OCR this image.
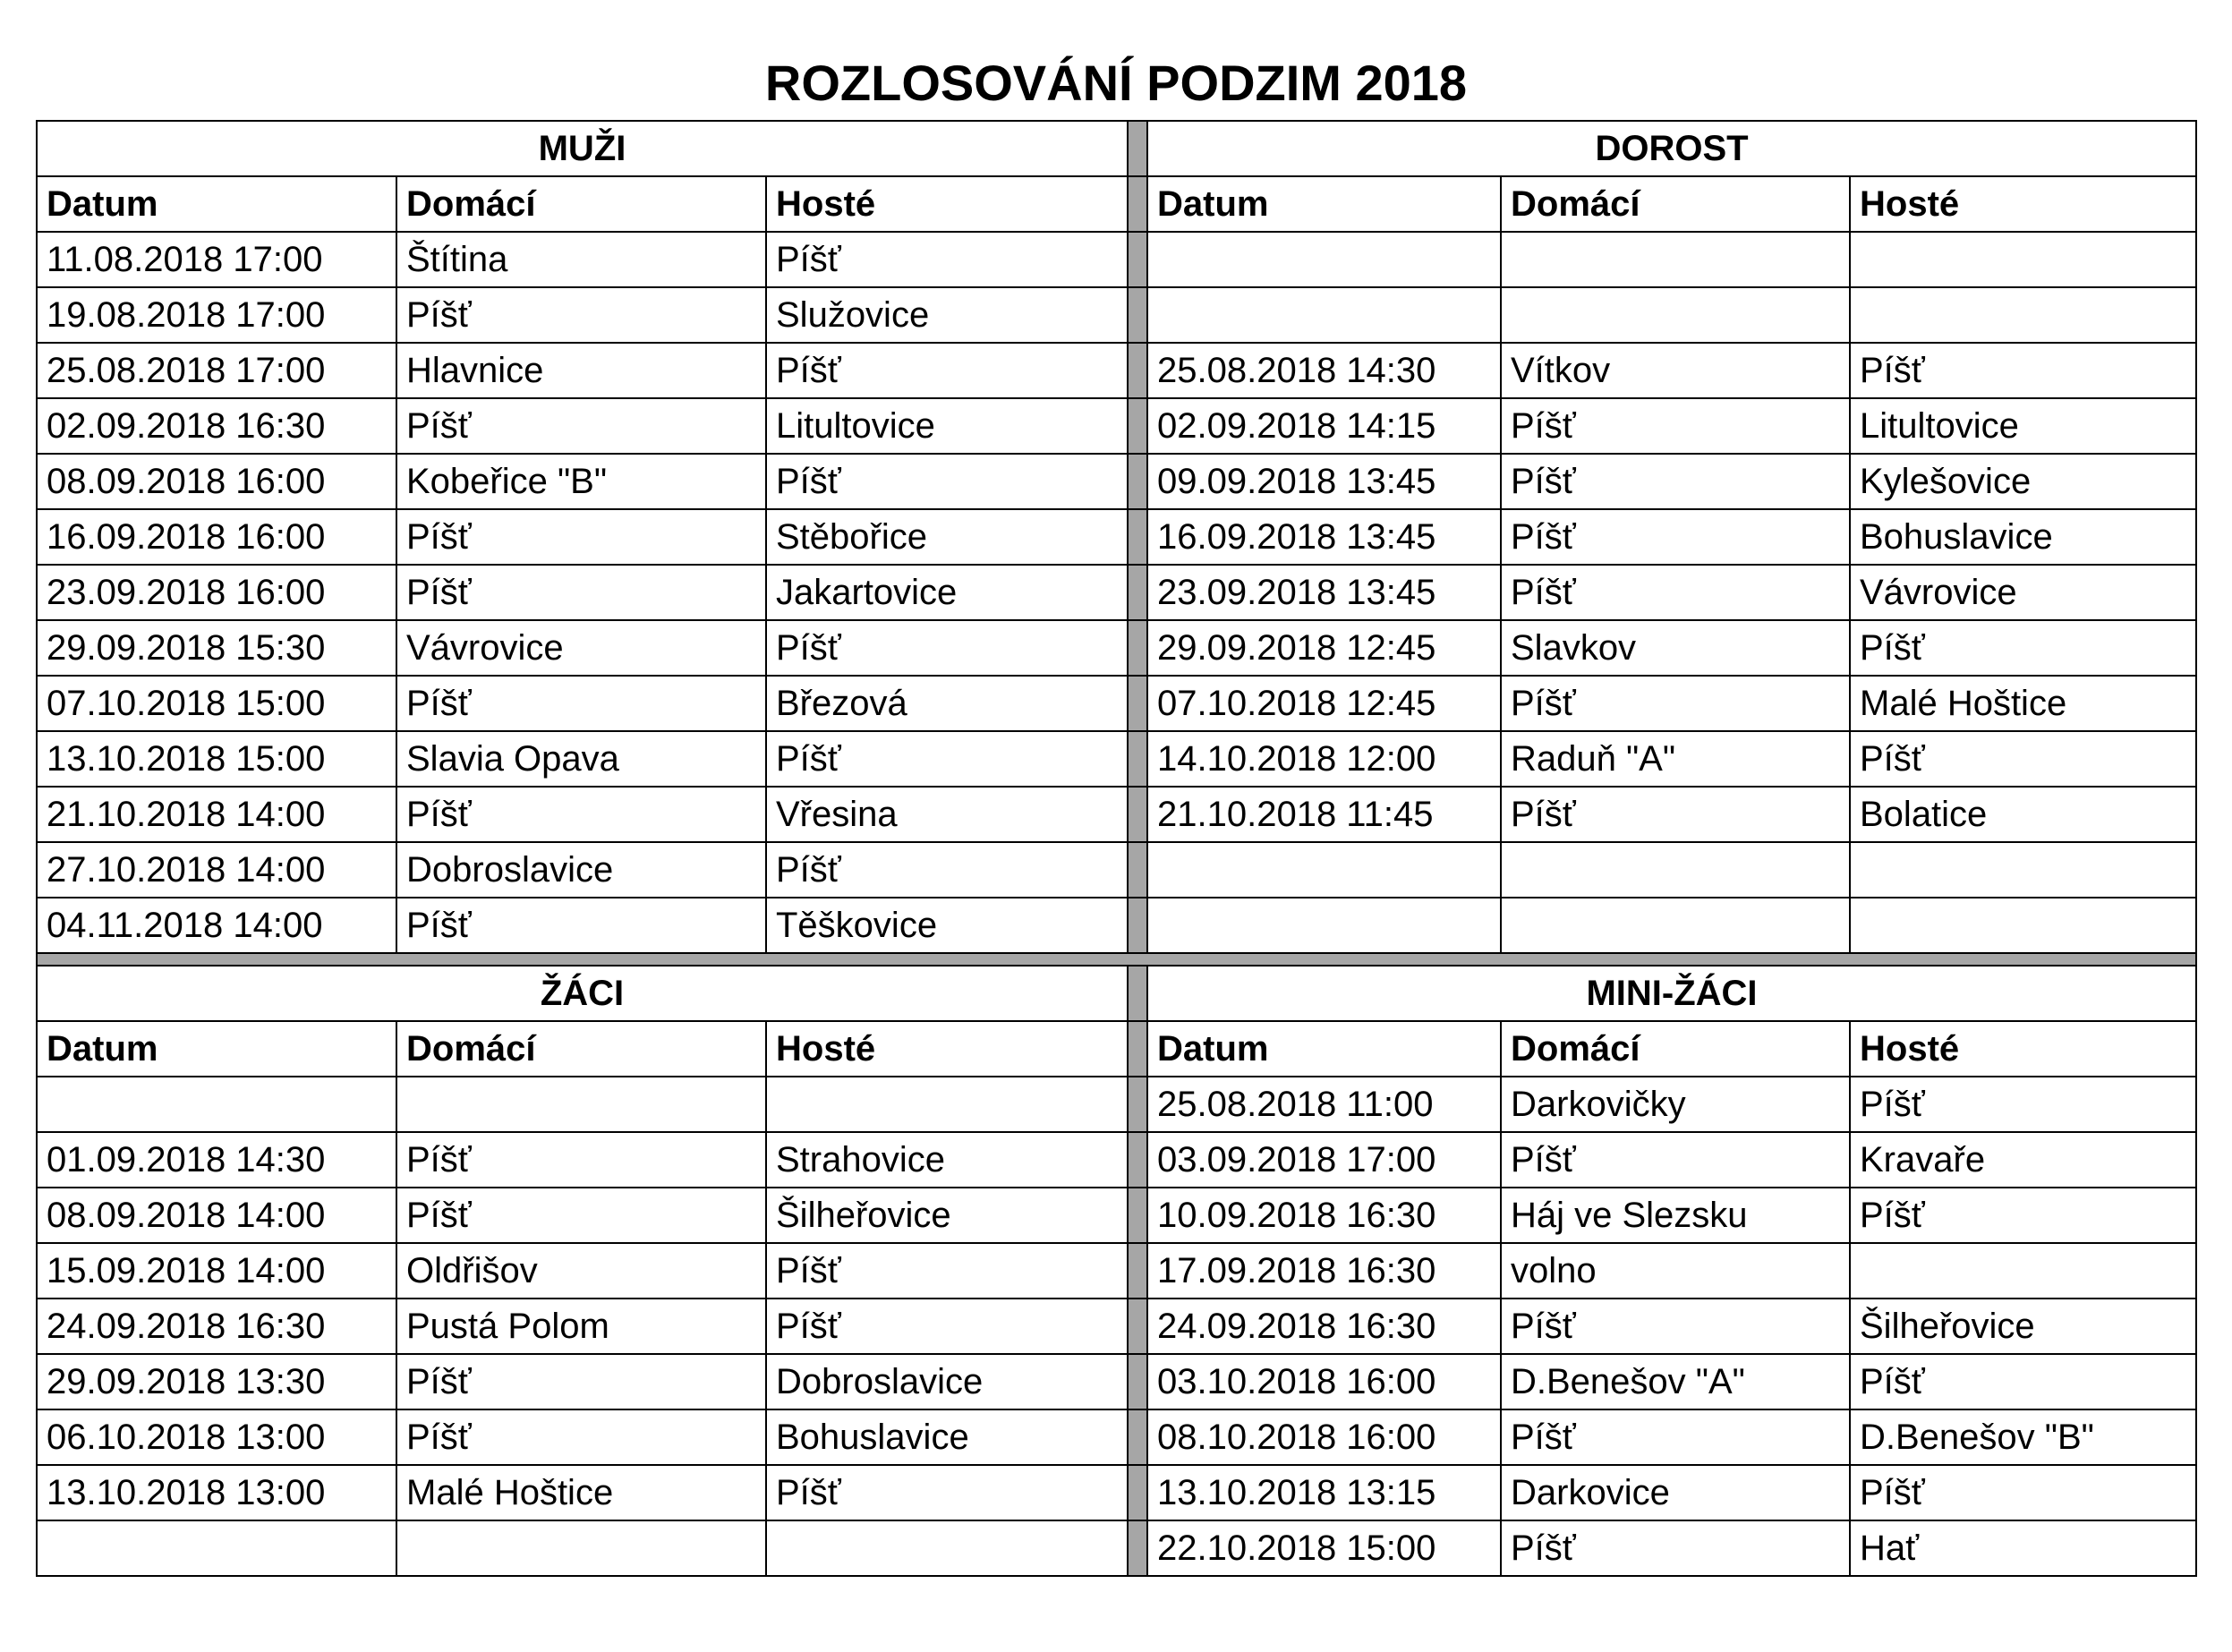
ROZLOSOVÁNÍ PODZIM 2018
MUŽI				DOROST		
Datum	Domácí	Hosté		Datum	Domácí	Hosté
11.08.2018 17:00	Štítina	Píšť				
19.08.2018 17:00	Píšť	Služovice				
25.08.2018 17:00	Hlavnice	Píšť		25.08.2018 14:30	Vítkov	Píšť
02.09.2018 16:30	Píšť	Litultovice		02.09.2018 14:15	Píšť	Litultovice
08.09.2018 16:00	Kobeřice "B"	Píšť		09.09.2018 13:45	Píšť	Kylešovice
16.09.2018 16:00	Píšť	Stěbořice		16.09.2018 13:45	Píšť	Bohuslavice
23.09.2018 16:00	Píšť	Jakartovice		23.09.2018 13:45	Píšť	Vávrovice
29.09.2018 15:30	Vávrovice	Píšť		29.09.2018 12:45	Slavkov	Píšť
07.10.2018 15:00	Píšť	Březová		07.10.2018 12:45	Píšť	Malé Hoštice
13.10.2018 15:00	Slavia Opava	Píšť		14.10.2018 12:00	Raduň "A"	Píšť
21.10.2018 14:00	Píšť	Vřesina		21.10.2018 11:45	Píšť	Bolatice
27.10.2018 14:00	Dobroslavice	Píšť				
04.11.2018 14:00	Píšť	Těškovice				

ŽÁCI				MINI-ŽÁCI		
Datum	Domácí	Hosté		Datum	Domácí	Hosté
				25.08.2018 11:00	Darkovičky	Píšť
01.09.2018 14:30	Píšť	Strahovice		03.09.2018 17:00	Píšť	Kravaře
08.09.2018 14:00	Píšť	Šilheřovice		10.09.2018 16:30	Háj ve Slezsku	Píšť
15.09.2018 14:00	Oldřišov	Píšť		17.09.2018 16:30	volno	
24.09.2018 16:30	Pustá Polom	Píšť		24.09.2018 16:30	Píšť	Šilheřovice
29.09.2018 13:30	Píšť	Dobroslavice		03.10.2018 16:00	D.Benešov "A"	Píšť
06.10.2018 13:00	Píšť	Bohuslavice		08.10.2018 16:00	Píšť	D.Benešov "B"
13.10.2018 13:00	Malé Hoštice	Píšť		13.10.2018 13:15	Darkovice	Píšť
				22.10.2018 15:00	Píšť	Hať
